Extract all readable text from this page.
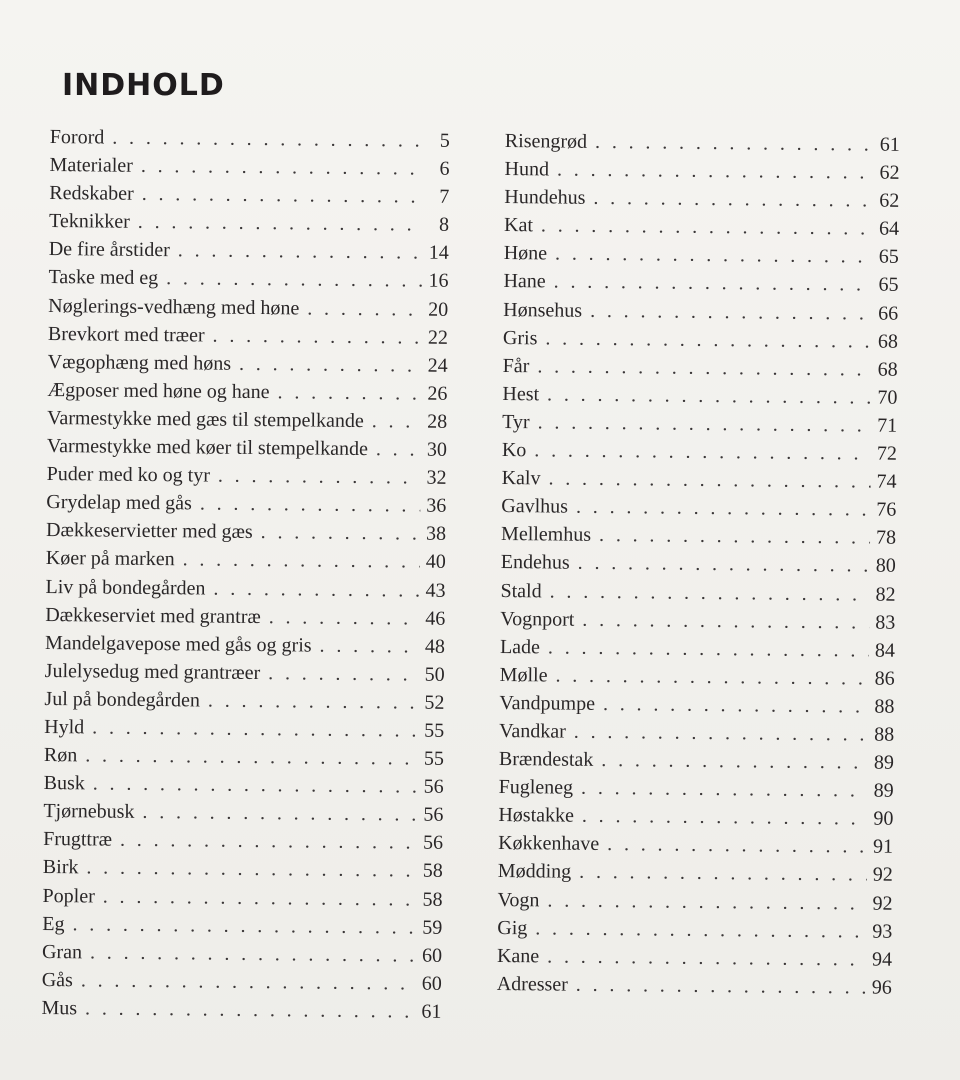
INDHOLD
Forord . . .	5
Materialer . . .	6
Redskaber . . .	7
Teknikker . . .	8
De fire årstider . . .	14
Taske med eg . . .	16
Nøglerings-vedhæng med høne . . .	20
Brevkort med træer . . .	22
Vægophæng med høns . . .	24
Ægposer med høne og hane . . .	26
Varmestykke med gæs til stempelkande . . .	28
Varmestykke med køer til stempelkande . . .	30
Puder med ko og tyr . . .	32
Grydelap med gås . . .	36
Dækkeservietter med gæs . . .	38
Køer på marken . . .	40
Liv på bondegården . . .	43
Dækkeserviet med grantræ . . .	46
Mandelgavepose med gås og gris . . .	48
Julelysedug med grantræer . . .	50
Jul på bondegården . . .	52
Hyld . . .	55
Røn . . .	55
Busk . . .	56
Tjørnebusk . . .	56
Frugttræ . . .	56
Birk . . .	58
Popler . . .	58
Eg . . .	59
Gran . . .	60
Gås . . .	60
Mus . . .	61
Risengrød . . .	61
Hund . . .	62
Hundehus . . .	62
Kat . . .	64
Høne . . .	65
Hane . . .	65
Hønsehus . . .	66
Gris . . .	68
Får . . .	68
Hest . . .	70
Tyr . . .	71
Ko . . .	72
Kalv . . .	74
Gavlhus . . .	76
Mellemhus . . .	78
Endehus . . .	80
Stald . . .	82
Vognport . . .	83
Lade . . .	84
Mølle . . .	86
Vandpumpe . . .	88
Vandkar . . .	88
Brændestak . . .	89
Fugleneg . . .	89
Høstakke . . .	90
Køkkenhave . . .	91
Mødding . . .	92
Vogn . . .	92
Gig . . .	93
Kane . . .	94
Adresser . . .	96
